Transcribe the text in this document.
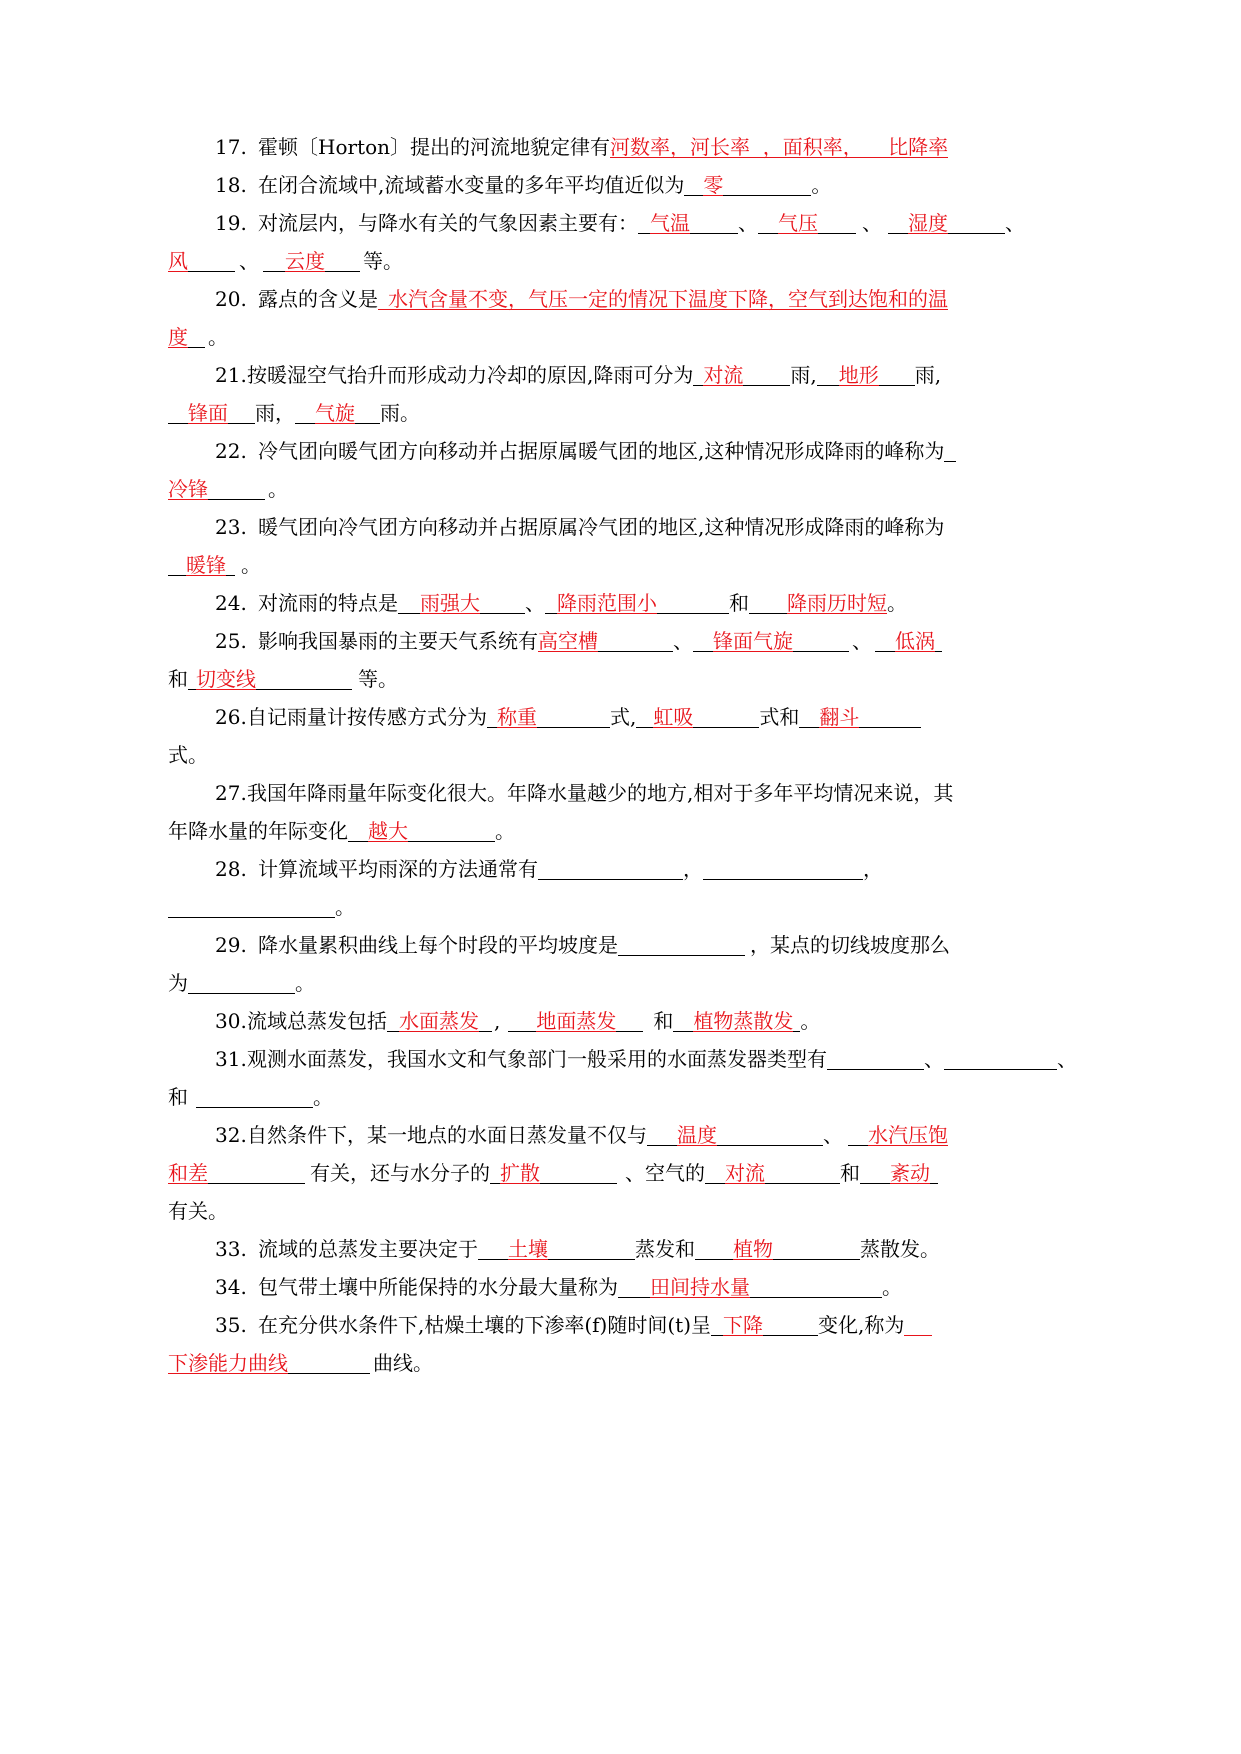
17. 霍顿〔Horton〕提出的河流地貌定律有河数率，河长率  ，面积率，    比降率
18. 在闭合流域中,流域蓄水变量的多年平均值近似为 零	。
19. 对流层内，与降水有关的气象因素主要有： 气温 、 气压 、 湿度	、
风	、 云度 等。
20. 露点的含义是 水汽含量不变，气压一定的情况下温度下降，空气到达饱和的温
度 。
21.按暖湿空气抬升而形成动力冷却的原因,降雨可分为 对流 雨, 地形 雨,
锋面 雨， 气旋 雨。
22. 冷气团向暖气团方向移动并占据原属暖气团的地区,这种情况形成降雨的峰称为
冷锋	。
23. 暖气团向冷气团方向移动并占据原属冷气团的地区,这种情况形成降雨的峰称为
暖锋 。
24. 对流雨的特点是 雨强大 、 降雨范围小	和 降雨历时短。
25. 影响我国暴雨的主要天气系统有高空槽	、 锋面气旋	、 低涡
和 切变线	等。
26.自记雨量计按传感方式分为 称重	式, 虹吸	式和 翻斗
式。
27.我国年降雨量年际变化很大。年降水量越少的地方,相对于多年平均情况来说，其
年降水量的年际变化 越大	。
28. 计算流域平均雨深的方法通常有	，	，
。
29. 降水量累积曲线上每个时段的平均坡度是	，某点的切线坡度那么
为	。
30.流域总蒸发包括 水面蒸发 , 地面蒸发 和 植物蒸散发 。
31.观测水面蒸发，我国水文和气象部门一般采用的水面蒸发器类型有	、	、
和	。
32.自然条件下，某一地点的水面日蒸发量不仅与 温度	、 水汽压饱
和差	有关，还与水分子的 扩散	、空气的 对流	和 紊动
有关。
33. 流域的总蒸发主要决定于 土壤	蒸发和 植物	蒸散发。
34. 包气带土壤中所能保持的水分最大量称为 田间持水量	。
35. 在充分供水条件下,枯燥土壤的下渗率(f)随时间(t)呈 下降	变化,称为
下渗能力曲线	曲线。
